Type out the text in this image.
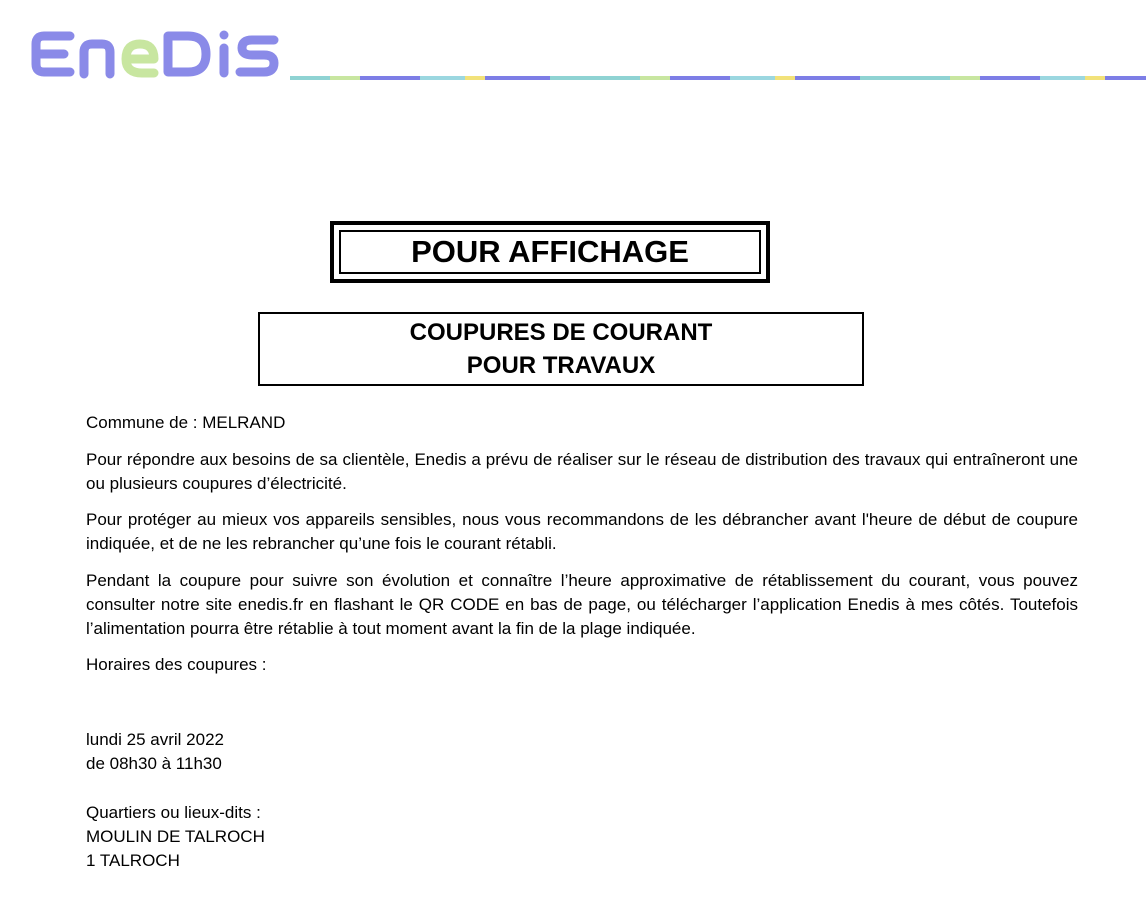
POUR AFFICHAGE
COUPURES DE COURANT
POUR TRAVAUX
Commune de : MELRAND
Pour répondre aux besoins de sa clientèle, Enedis a prévu de réaliser sur le réseau de distribution des travaux qui entraîneront une ou plusieurs coupures d’électricité.
Pour protéger au mieux vos appareils sensibles, nous vous recommandons de les débrancher avant l'heure de début de coupure indiquée, et de ne les rebrancher qu’une fois le courant rétabli.
Pendant la coupure pour suivre son évolution et connaître l’heure approximative de rétablissement du courant, vous pouvez consulter notre site enedis.fr en flashant le QR CODE en bas de page, ou télécharger l’application Enedis à mes côtés. Toutefois l’alimentation pourra être rétablie à tout moment avant la fin de la plage indiquée.
Horaires des coupures :
lundi 25 avril 2022
de 08h30 à 11h30
Quartiers ou lieux-dits :
MOULIN DE TALROCH
1 TALROCH
